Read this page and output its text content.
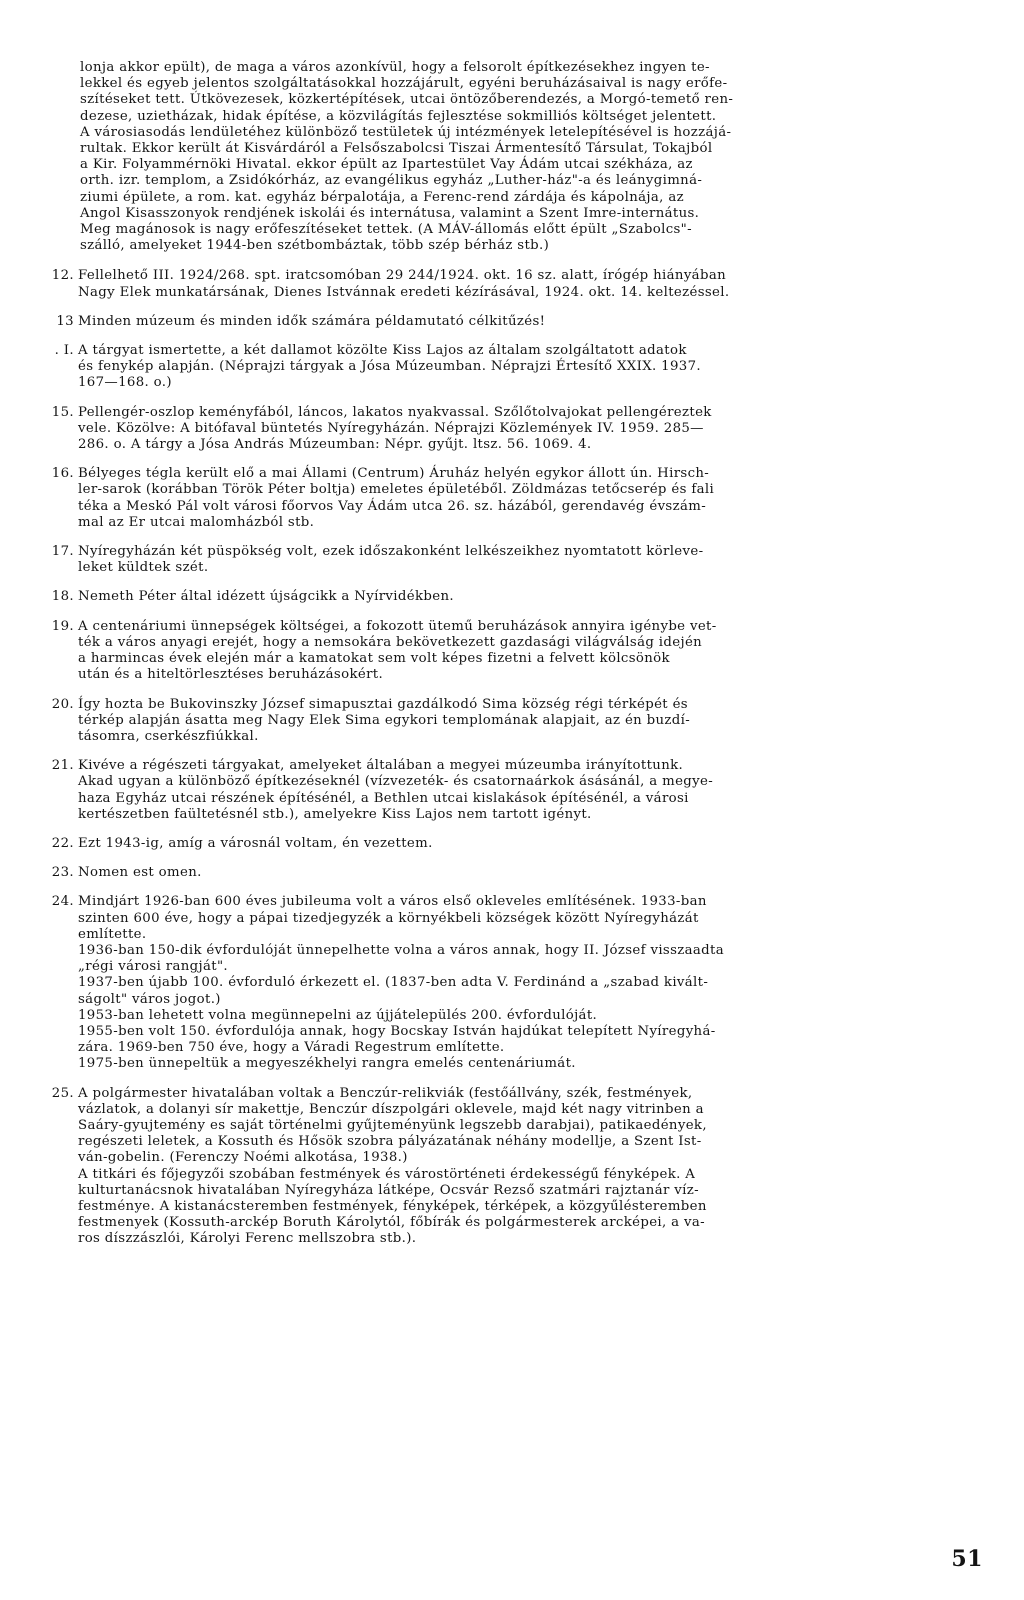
lonja akkor epült), de maga a város azonkívül, hogy a felsorolt építkezésekhez ingyen te-
lekkel és egyeb jelentos szolgáltatásokkal hozzájárult, egyéni beruházásaival is nagy erőfe-
szítéseket tett. Útkövezesek, közkertépítések, utcai öntözőberendezés, a Morgó-temető ren-
dezese, uzietházak, hidak építése, a közvilágítás fejlesztése sokmilliós költséget jelentett.
A városiasodás lendületéhez különböző testületek új intézmények letelepítésével is hozzájá-
rultak. Ekkor került át Kisvárdáról a Felsőszabolcsi Tiszai Ármentesítő Társulat, Tokajból
a Kir. Folyammérnöki Hivatal. ekkor épült az Ipartestület Vay Ádám utcai székháza, az
orth. izr. templom, a Zsidókórház, az evangélikus egyház „Luther-ház"-a és leánygimná-
ziumi épülete, a rom. kat. egyház bérpalotája, a Ferenc-rend zárdája és kápolnája, az
Angol Kisasszonyok rendjének iskolái és internátusa, valamint a Szent Imre-internátus.
Meg magánosok is nagy erőfeszítéseket tettek. (A MÁV-állomás előtt épült „Szabolcs"-
szálló, amelyeket 1944-ben szétbombáztak, több szép bérház stb.)
12. Fellelhető III. 1924/268. spt. iratcsomóban 29 244/1924. okt. 16 sz. alatt, írógép hiányában
Nagy Elek munkatársának, Dienes Istvánnak eredeti kézírásával, 1924. okt. 14. keltezéssel.
13 Minden múzeum és minden idők számára példamutató célkitűzés!
. I. A tárgyat ismertette, a két dallamot közölte Kiss Lajos az általam szolgáltatott adatok
és fenykép alapján. (Néprajzi tárgyak a Jósa Múzeumban. Néprajzi Értesítő XXIX. 1937.
167—168. o.)
15. Pellengér-oszlop keményfából, láncos, lakatos nyakvassal. Szőlőtolvajokat pellengéreztek
vele. Közölve: A bitófaval büntetés Nyíregyházán. Néprajzi Közlemények IV. 1959. 285—
286. o. A tárgy a Jósa András Múzeumban: Népr. gyűjt. ltsz. 56. 1069. 4.
16. Bélyeges tégla került elő a mai Állami (Centrum) Áruház helyén egykor állott ún. Hirsch-
ler-sarok (korábban Török Péter boltja) emeletes épületéből. Zöldmázas tetőcserép és fali
tékа a Meskó Pál volt városi főorvos Vay Ádám utca 26. sz. házából, gerendavég évszám-
mal az Er utcai malomházból stb.
17. Nyíregyházán két püspökség volt, ezek időszakonként lelkészeikhez nyomtatott körleve-
leket küldtek szét.
18. Nemeth Péter által idézett újságcikk a Nyírvidékben.
19. A centenáriumi ünnepségek költségei, a fokozott ütemű beruházások annyira igénybe vet-
ték a város anyagi erejét, hogy a nemsokára bekövetkezett gazdasági világválság idején
a harmincas évek elején már a kamatokat sem volt képes fizetni a felvett kölcsönök
után és a hiteltörlesztéses beruházásokért.
20. Így hozta be Bukovinszky József simapusztai gazdálkodó Sima község régi térképét és
térkép alapján ásatta meg Nagy Elek Sima egykori templomának alapjait, az én buzdí-
tásomra, cserkészfiúkkal.
21. Kivéve a régészeti tárgyakat, amelyeket általában a megyei múzeumba irányítottunk.
Akad ugyan a különböző építkezéseknél (vízvezeték- és csatornaárkok ásásánál, a megye-
haza Egyház utcai részének építésénél, a Bethlen utcai kislakások építésénél, a városi
kertészetben faültetésnél stb.), amelyekre Kiss Lajos nem tartott igényt.
22. Ezt 1943-ig, amíg a városnál voltam, én vezettem.
23. Nomen est omen.
24. Mindjárt 1926-ban 600 éves jubileuma volt a város első okleveles említésének. 1933-ban
szinten 600 éve, hogy a pápai tizedjegyzék a környékbeli községek között Nyíregyházát
említette.
1936-ban 150-dik évfordulóját ünnepelhette volna a város annak, hogy II. József visszaadta
„régi városi rangját".
1937-ben újabb 100. évforduló érkezett el. (1837-ben adta V. Ferdinánd a „szabad kivált-
ságolt" város jogot.)
1953-ban lehetett volna megünnepelni az újjátelepülés 200. évfordulóját.
1955-ben volt 150. évfordulója annak, hogy Bocskay István hajdúkat telepített Nyíregyhá-
zára. 1969-ben 750 éve, hogy a Váradi Regestrum említette.
1975-ben ünnepeltük a megyeszékhelyi rangra emelés centenáriumát.
25. A polgármester hivatalában voltak a Benczúr-relikviák (festőállvány, szék, festmények,
vázlatok, a dolanyi sír makettje, Benczúr díszpolgári oklevele, majd két nagy vitrinben a
Saáry-gyujtemény es saját történelmi gyűjteményünk legszebb darabjai), patikaedények,
regészeti leletek, a Kossuth és Hősök szobra pályázatának néhány modellje, a Szent Ist-
ván-gobelin. (Ferenczy Noémi alkotása, 1938.)
A titkári és főjegyzői szobában festmények és várostörténeti érdekességű fényképek. A
kulturtanácsnok hivatalában Nyíregyháza látképe, Ocsvár Rezső szatmári rajztanár víz-
festménye. A kistanácsteremben festmények, fényképek, térképek, a közgyűlésteremben
festmenyek (Kossuth-arckép Boruth Károlytól, főbírák és polgármesterek arcképei, a va-
ros díszzászlói, Károlyi Ferenc mellszobra stb.).
51
